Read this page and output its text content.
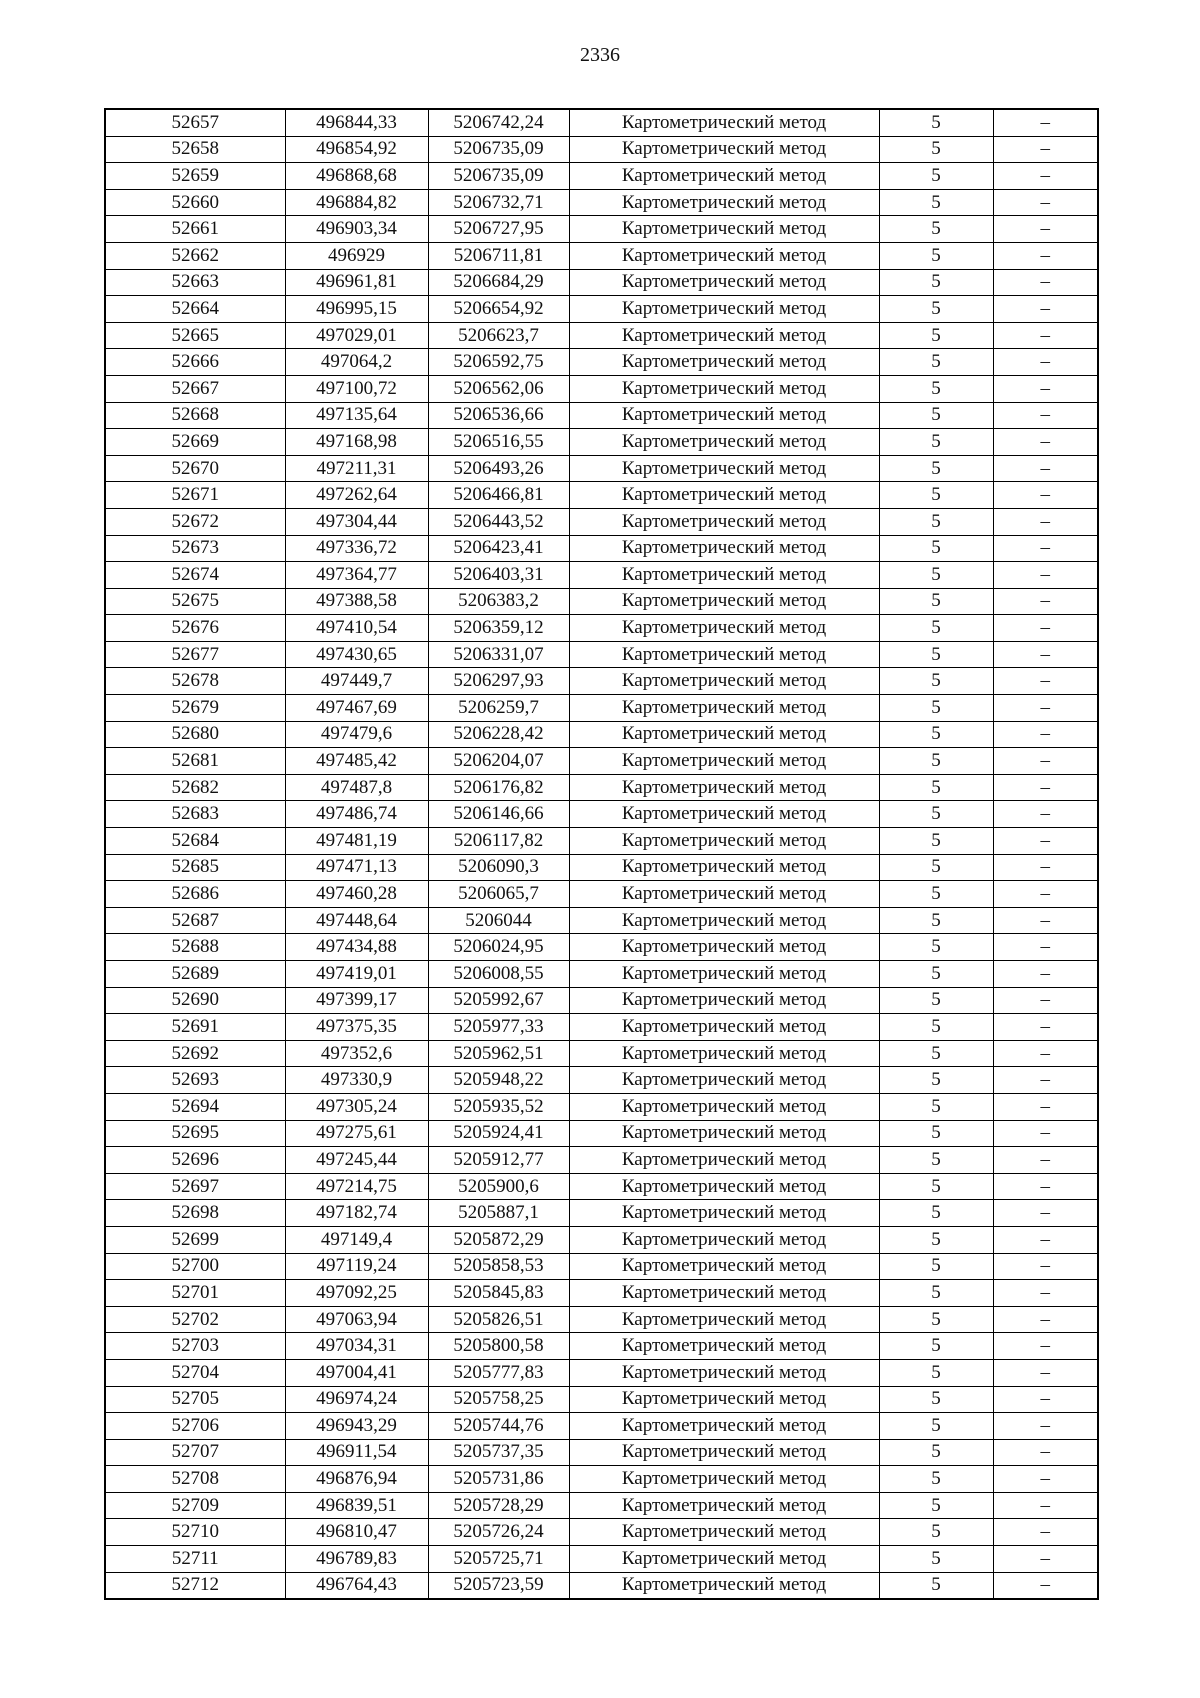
2336
52657	496844,33	5206742,24	Картометрический метод	5	–
52658	496854,92	5206735,09	Картометрический метод	5	–
52659	496868,68	5206735,09	Картометрический метод	5	–
52660	496884,82	5206732,71	Картометрический метод	5	–
52661	496903,34	5206727,95	Картометрический метод	5	–
52662	496929	5206711,81	Картометрический метод	5	–
52663	496961,81	5206684,29	Картометрический метод	5	–
52664	496995,15	5206654,92	Картометрический метод	5	–
52665	497029,01	5206623,7	Картометрический метод	5	–
52666	497064,2	5206592,75	Картометрический метод	5	–
52667	497100,72	5206562,06	Картометрический метод	5	–
52668	497135,64	5206536,66	Картометрический метод	5	–
52669	497168,98	5206516,55	Картометрический метод	5	–
52670	497211,31	5206493,26	Картометрический метод	5	–
52671	497262,64	5206466,81	Картометрический метод	5	–
52672	497304,44	5206443,52	Картометрический метод	5	–
52673	497336,72	5206423,41	Картометрический метод	5	–
52674	497364,77	5206403,31	Картометрический метод	5	–
52675	497388,58	5206383,2	Картометрический метод	5	–
52676	497410,54	5206359,12	Картометрический метод	5	–
52677	497430,65	5206331,07	Картометрический метод	5	–
52678	497449,7	5206297,93	Картометрический метод	5	–
52679	497467,69	5206259,7	Картометрический метод	5	–
52680	497479,6	5206228,42	Картометрический метод	5	–
52681	497485,42	5206204,07	Картометрический метод	5	–
52682	497487,8	5206176,82	Картометрический метод	5	–
52683	497486,74	5206146,66	Картометрический метод	5	–
52684	497481,19	5206117,82	Картометрический метод	5	–
52685	497471,13	5206090,3	Картометрический метод	5	–
52686	497460,28	5206065,7	Картометрический метод	5	–
52687	497448,64	5206044	Картометрический метод	5	–
52688	497434,88	5206024,95	Картометрический метод	5	–
52689	497419,01	5206008,55	Картометрический метод	5	–
52690	497399,17	5205992,67	Картометрический метод	5	–
52691	497375,35	5205977,33	Картометрический метод	5	–
52692	497352,6	5205962,51	Картометрический метод	5	–
52693	497330,9	5205948,22	Картометрический метод	5	–
52694	497305,24	5205935,52	Картометрический метод	5	–
52695	497275,61	5205924,41	Картометрический метод	5	–
52696	497245,44	5205912,77	Картометрический метод	5	–
52697	497214,75	5205900,6	Картометрический метод	5	–
52698	497182,74	5205887,1	Картометрический метод	5	–
52699	497149,4	5205872,29	Картометрический метод	5	–
52700	497119,24	5205858,53	Картометрический метод	5	–
52701	497092,25	5205845,83	Картометрический метод	5	–
52702	497063,94	5205826,51	Картометрический метод	5	–
52703	497034,31	5205800,58	Картометрический метод	5	–
52704	497004,41	5205777,83	Картометрический метод	5	–
52705	496974,24	5205758,25	Картометрический метод	5	–
52706	496943,29	5205744,76	Картометрический метод	5	–
52707	496911,54	5205737,35	Картометрический метод	5	–
52708	496876,94	5205731,86	Картометрический метод	5	–
52709	496839,51	5205728,29	Картометрический метод	5	–
52710	496810,47	5205726,24	Картометрический метод	5	–
52711	496789,83	5205725,71	Картометрический метод	5	–
52712	496764,43	5205723,59	Картометрический метод	5	–
